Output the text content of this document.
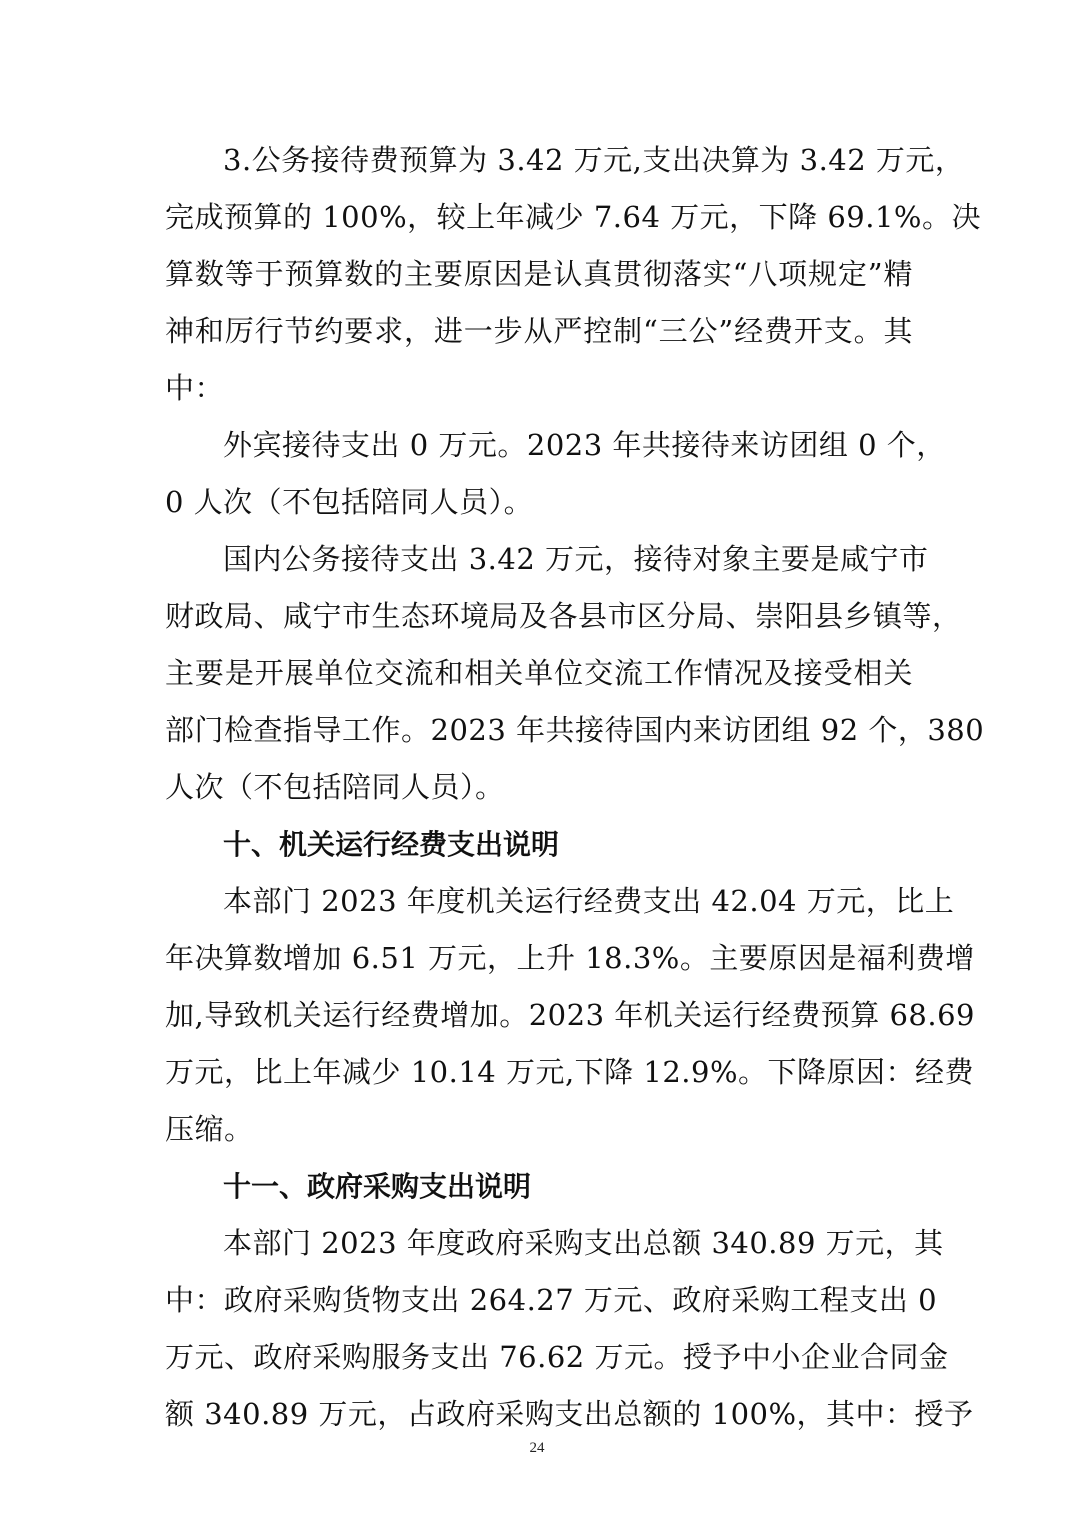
3.公务接待费预算为 3.42 万元,支出决算为 3.42 万元，
完成预算的 100%，较上年减少 7.64 万元，下降 69.1%。决
算数等于预算数的主要原因是认真贯彻落实“八项规定”精
神和厉行节约要求，进一步从严控制“三公”经费开支。其
中：
外宾接待支出 0 万元。2023 年共接待来访团组 0 个，
0 人次（不包括陪同人员）。
国内公务接待支出 3.42 万元，接待对象主要是咸宁市
财政局、咸宁市生态环境局及各县市区分局、崇阳县乡镇等，
主要是开展单位交流和相关单位交流工作情况及接受相关
部门检查指导工作。2023 年共接待国内来访团组 92 个，380
人次（不包括陪同人员）。
十、机关运行经费支出说明
本部门 2023 年度机关运行经费支出 42.04 万元，比上
年决算数增加 6.51 万元，上升 18.3%。主要原因是福利费增
加,导致机关运行经费增加。2023 年机关运行经费预算 68.69
万元，比上年减少 10.14 万元,下降 12.9%。下降原因：经费
压缩。
十一、政府采购支出说明
本部门 2023 年度政府采购支出总额 340.89 万元，其
中：政府采购货物支出 264.27 万元、政府采购工程支出 0
万元、政府采购服务支出 76.62 万元。授予中小企业合同金
额 340.89 万元，占政府采购支出总额的 100%，其中：授予
24
